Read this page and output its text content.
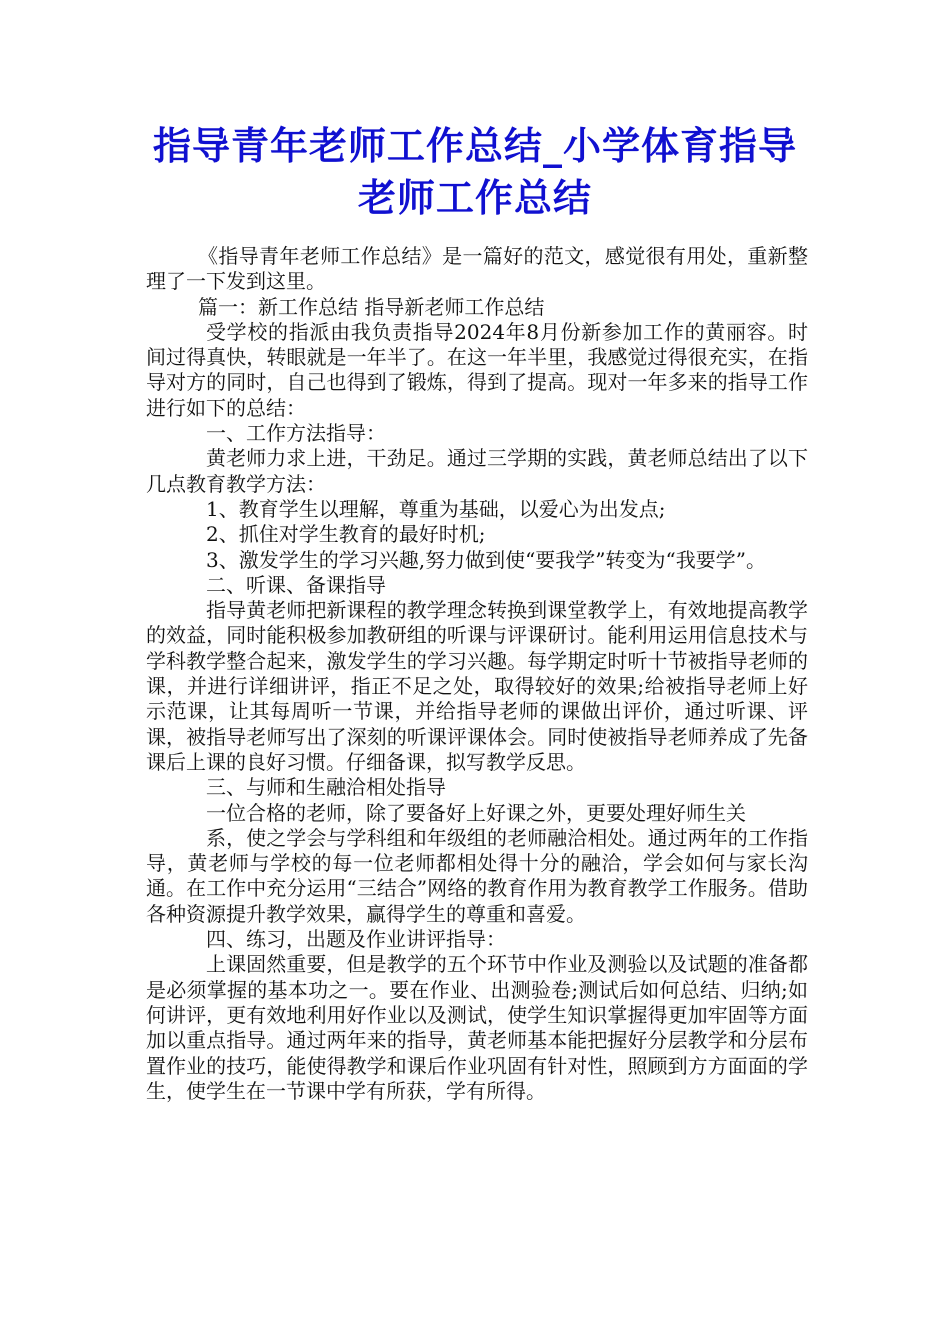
指导青年老师工作总结_小学体育指导老师工作总结

《指导青年老师工作总结》是一篇好的范文，感觉很有用处，重新整理了一下发到这里。

篇一：新工作总结 指导新老师工作总结

受学校的指派由我负责指导2024年8月份新参加工作的黄丽容。时间过得真快，转眼就是一年半了。在这一年半里，我感觉过得很充实，在指导对方的同时，自己也得到了锻炼，得到了提高。现对一年多来的指导工作进行如下的总结：

一、工作方法指导：

黄老师力求上进，干劲足。通过三学期的实践，黄老师总结出了以下几点教育教学方法：

1、教育学生以理解，尊重为基础，以爱心为出发点;

2、抓住对学生教育的最好时机;

3、激发学生的学习兴趣,努力做到使“要我学”转变为“我要学”。

二、听课、备课指导

指导黄老师把新课程的教学理念转换到课堂教学上，有效地提高教学的效益，同时能积极参加教研组的听课与评课研讨。能利用运用信息技术与学科教学整合起来，激发学生的学习兴趣。每学期定时听十节被指导老师的课，并进行详细讲评，指正不足之处，取得较好的效果;给被指导老师上好示范课，让其每周听一节课，并给指导老师的课做出评价，通过听课、评课，被指导老师写出了深刻的听课评课体会。同时使被指导老师养成了先备课后上课的良好习惯。仔细备课，拟写教学反思。

三、与师和生融洽相处指导

一位合格的老师，除了要备好上好课之外，更要处理好师生关

系，使之学会与学科组和年级组的老师融洽相处。通过两年的工作指导，黄老师与学校的每一位老师都相处得十分的融洽，学会如何与家长沟通。在工作中充分运用“三结合”网络的教育作用为教育教学工作服务。借助各种资源提升教学效果，赢得学生的尊重和喜爱。

四、练习，出题及作业讲评指导：

上课固然重要，但是教学的五个环节中作业及测验以及试题的准备都是必须掌握的基本功之一。要在作业、出测验卷;测试后如何总结、归纳;如何讲评，更有效地利用好作业以及测试，使学生知识掌握得更加牢固等方面加以重点指导。通过两年来的指导，黄老师基本能把握好分层教学和分层布置作业的技巧，能使得教学和课后作业巩固有针对性，照顾到方方面面的学生，使学生在一节课中学有所获，学有所得。
